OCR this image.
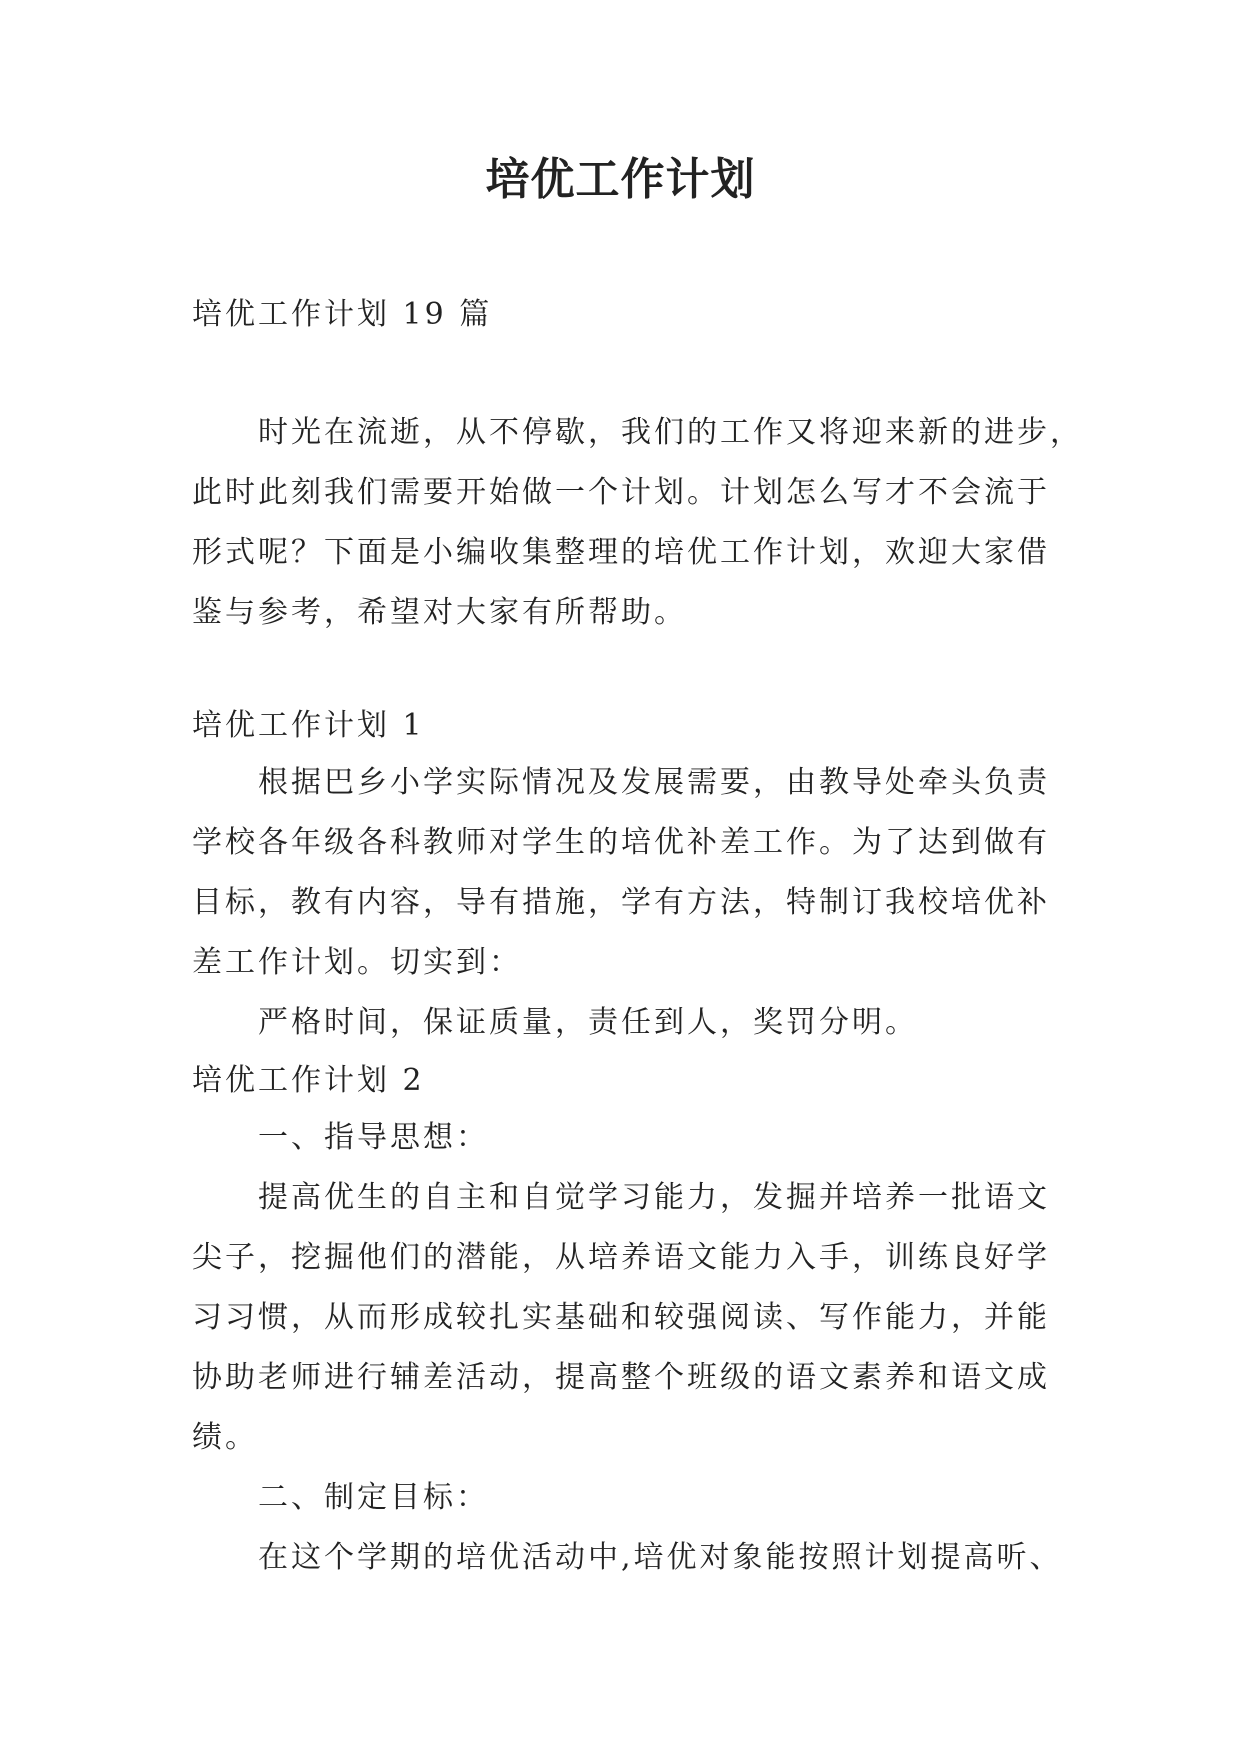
培优工作计划

培优工作计划 19 篇

时光在流逝，从不停歇，我们的工作又将迎来新的进步，

此时此刻我们需要开始做一个计划。计划怎么写才不会流于

形式呢？下面是小编收集整理的培优工作计划，欢迎大家借

鉴与参考，希望对大家有所帮助。

培优工作计划 1

根据巴乡小学实际情况及发展需要，由教导处牵头负责

学校各年级各科教师对学生的培优补差工作。为了达到做有

目标，教有内容，导有措施，学有方法，特制订我校培优补

差工作计划。切实到：

严格时间，保证质量，责任到人，奖罚分明。

培优工作计划 2

一、指导思想：

提高优生的自主和自觉学习能力，发掘并培养一批语文

尖子，挖掘他们的潜能，从培养语文能力入手，训练良好学

习习惯，从而形成较扎实基础和较强阅读、写作能力，并能

协助老师进行辅差活动，提高整个班级的语文素养和语文成

绩。

二、制定目标：

在这个学期的培优活动中,培优对象能按照计划提高听、
